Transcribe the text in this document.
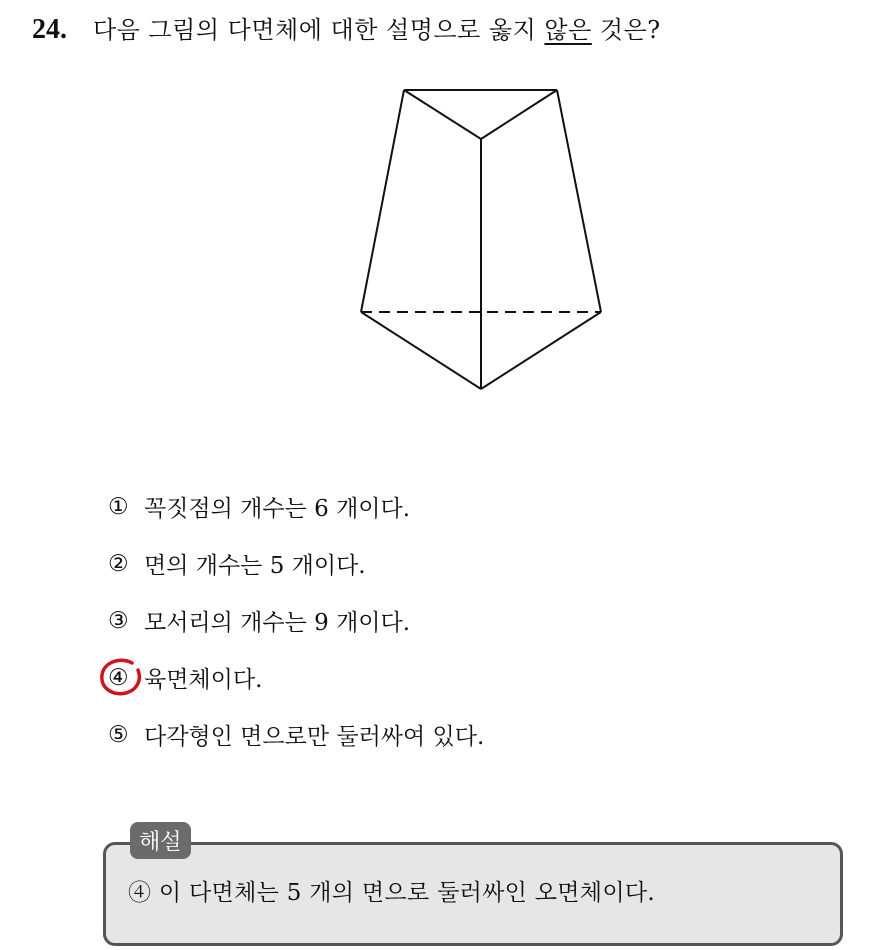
24. 다음 그림의 다면체에 대한 설명으로 옳지 않은 것은?
① 꼭짓점의 개수는 6 개이다.
② 면의 개수는 5 개이다.
③ 모서리의 개수는 9 개이다.
④ 육면체이다.
⑤ 다각형인 면으로만 둘러싸여 있다.
해설
④ 이 다면체는 5 개의 면으로 둘러싸인 오면체이다.
